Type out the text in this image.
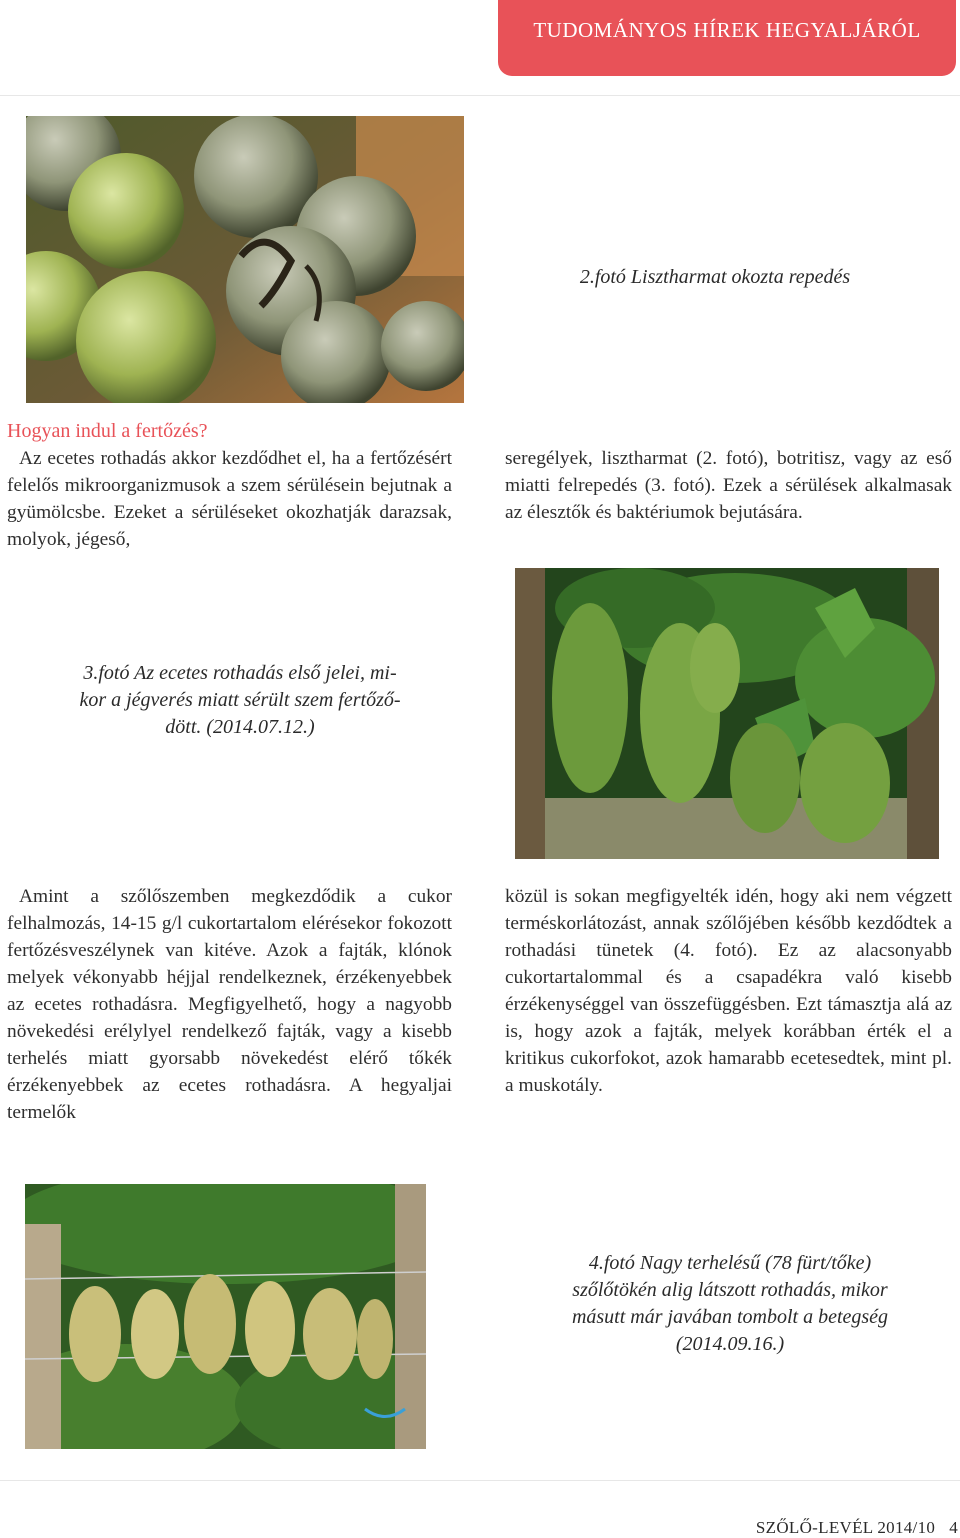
TUDOMÁNYOS HÍREK HEGYALJÁRÓL
2.fotó Lisztharmat okozta repedés
Hogyan indul a fertőzés?

Az ecetes rothadás akkor kezdődhet el, ha a fertőzésért felelős mikroorganizmusok a szem sérülésein bejutnak a gyümölcsbe. Ezeket a sérüléseket okozhatják darazsak, molyok, jégeső,

seregélyek, lisztharmat (2. fotó), botritisz, vagy az eső miatti felrepedés (3. fotó). Ezek a sérülések alkalmasak az élesztők és baktériumok bejutására.

3.fotó Az ecetes rothadás első jelei, mi-
kor a jégverés miatt sérült szem fertőző-
dött. (2014.07.12.)

Amint a szőlőszemben megkezdődik a cukor felhalmozás, 14-15 g/l cukortartalom elérésekor fokozott fertőzésveszélynek van kitéve. Azok a fajták, klónok melyek vékonyabb héjjal rendelkeznek, érzékenyebbek az ecetes rothadásra. Megfigyelhető, hogy a nagyobb növekedési erélylyel rendelkező fajták, vagy a kisebb terhelés miatt gyorsabb növekedést elérő tőkék érzékenyebbek az ecetes rothadásra. A hegyaljai termelők

közül is sokan megfigyelték idén, hogy aki nem végzett terméskorlátozást, annak szőlőjében később kezdődtek a rothadási tünetek (4. fotó). Ez az alacsonyabb cukortartalommal és a csapadékra való kisebb érzékenységgel van összefüggésben. Ezt támasztja alá az is, hogy azok a fajták, melyek korábban érték el a kritikus cukorfokot, azok hamarabb ecetesedtek, mint pl. a muskotály.

4.fotó Nagy terhelésű (78 fürt/tőke)
szőlőtökén alig látszott rothadás, mikor
másutt már javában tombolt a betegség
(2014.09.16.)
SZŐLŐ-LEVÉL 2014/10 4
